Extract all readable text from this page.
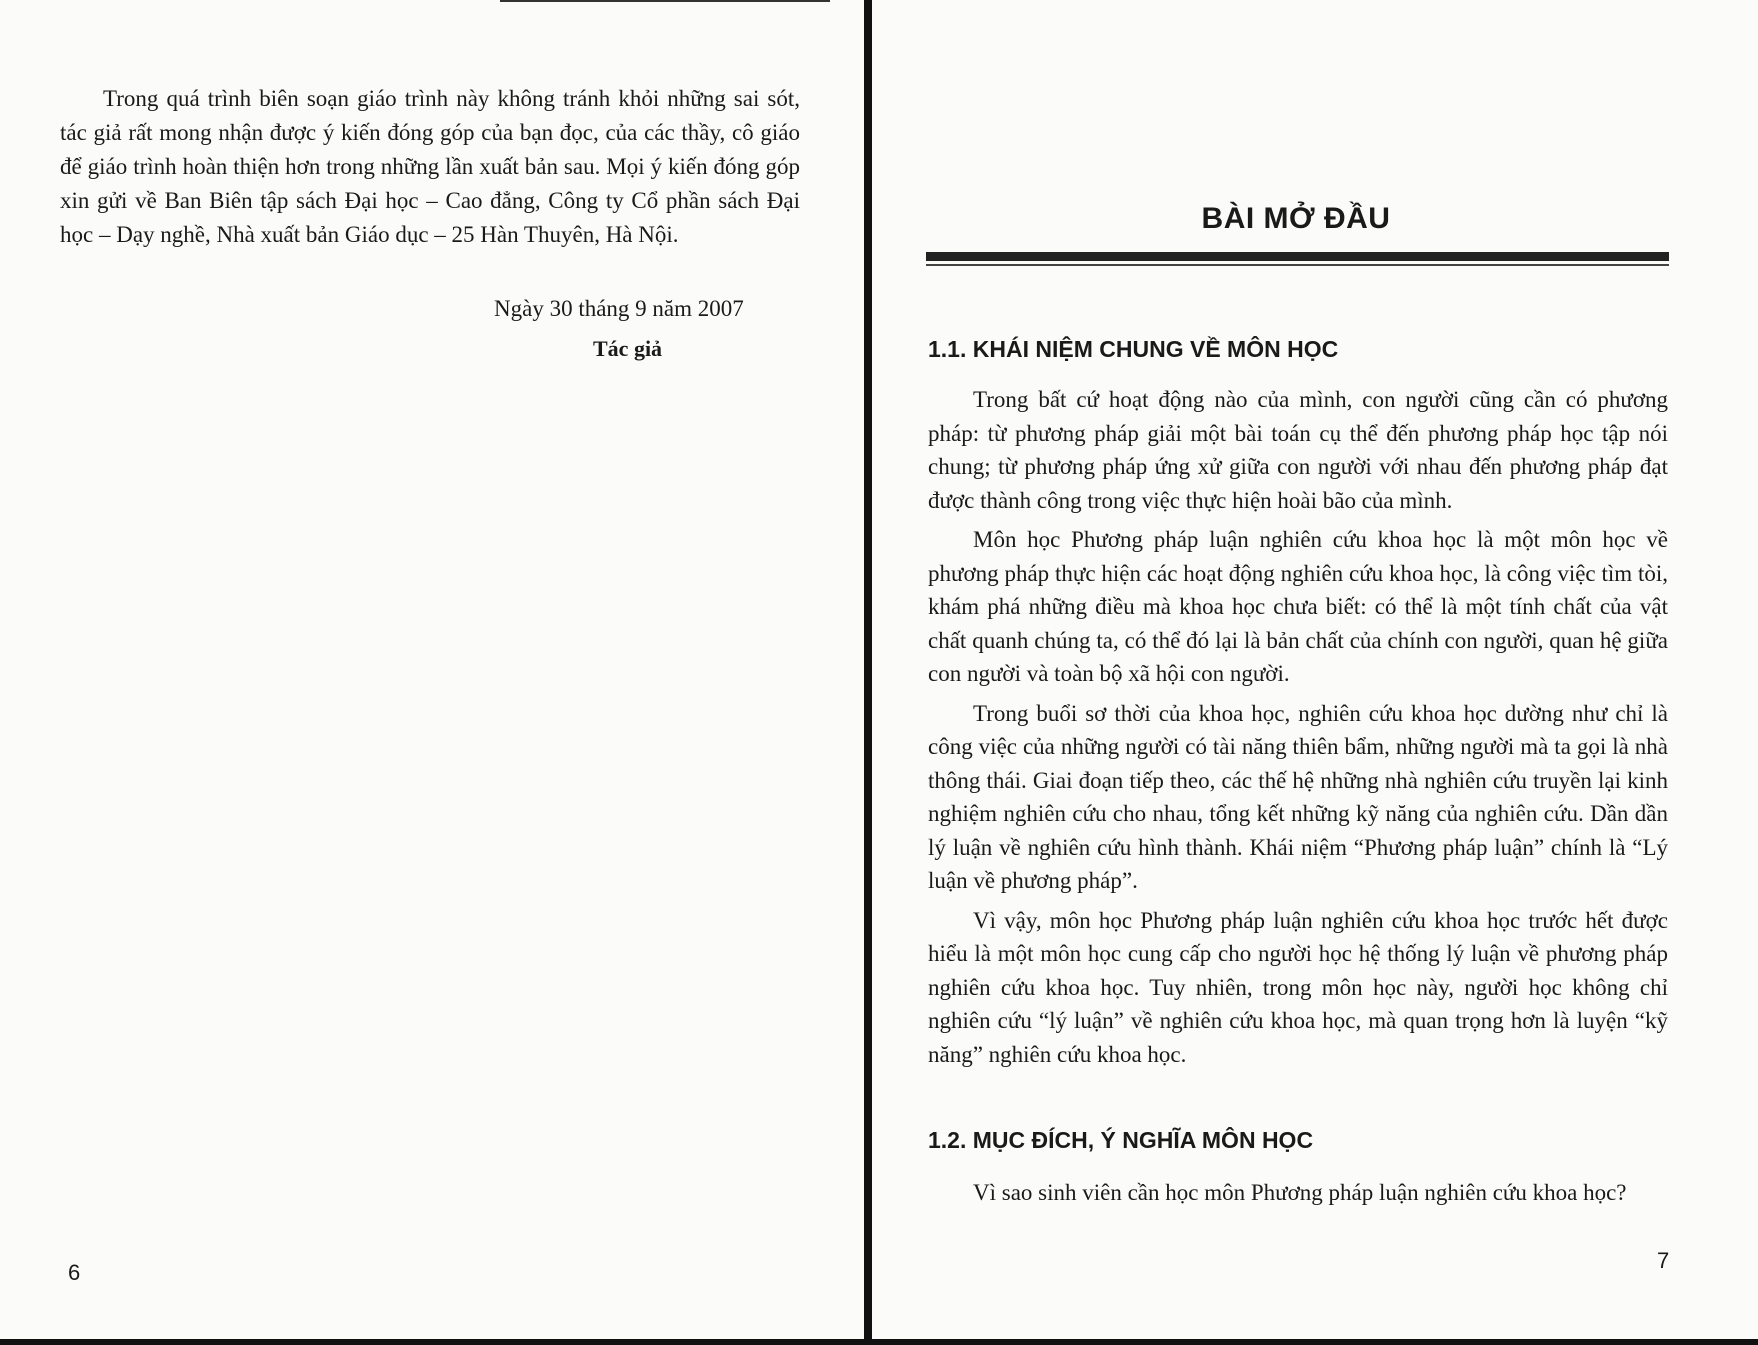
Trong quá trình biên soạn giáo trình này không tránh khỏi những sai sót, tác giả rất mong nhận được ý kiến đóng góp của bạn đọc, của các thầy, cô giáo để giáo trình hoàn thiện hơn trong những lần xuất bản sau. Mọi ý kiến đóng góp xin gửi về Ban Biên tập sách Đại học – Cao đẳng, Công ty Cổ phần sách Đại học – Dạy nghề, Nhà xuất bản Giáo dục – 25 Hàn Thuyên, Hà Nội.

Ngày 30 tháng 9 năm 2007
Tác giả
6
BÀI MỞ ĐẦU
1.1. KHÁI NIỆM CHUNG VỀ MÔN HỌC

Trong bất cứ hoạt động nào của mình, con người cũng cần có phương pháp: từ phương pháp giải một bài toán cụ thể đến phương pháp học tập nói chung; từ phương pháp ứng xử giữa con người với nhau đến phương pháp đạt được thành công trong việc thực hiện hoài bão của mình.

Môn học Phương pháp luận nghiên cứu khoa học là một môn học về phương pháp thực hiện các hoạt động nghiên cứu khoa học, là công việc tìm tòi, khám phá những điều mà khoa học chưa biết: có thể là một tính chất của vật chất quanh chúng ta, có thể đó lại là bản chất của chính con người, quan hệ giữa con người và toàn bộ xã hội con người.

Trong buổi sơ thời của khoa học, nghiên cứu khoa học dường như chỉ là công việc của những người có tài năng thiên bẩm, những người mà ta gọi là nhà thông thái. Giai đoạn tiếp theo, các thế hệ những nhà nghiên cứu truyền lại kinh nghiệm nghiên cứu cho nhau, tổng kết những kỹ năng của nghiên cứu. Dần dần lý luận về nghiên cứu hình thành. Khái niệm “Phương pháp luận” chính là “Lý luận về phương pháp”.

Vì vậy, môn học Phương pháp luận nghiên cứu khoa học trước hết được hiểu là một môn học cung cấp cho người học hệ thống lý luận về phương pháp nghiên cứu khoa học. Tuy nhiên, trong môn học này, người học không chỉ nghiên cứu “lý luận” về nghiên cứu khoa học, mà quan trọng hơn là luyện “kỹ năng” nghiên cứu khoa học.

1.2. MỤC ĐÍCH, Ý NGHĨA MÔN HỌC

Vì sao sinh viên cần học môn Phương pháp luận nghiên cứu khoa học?

7
